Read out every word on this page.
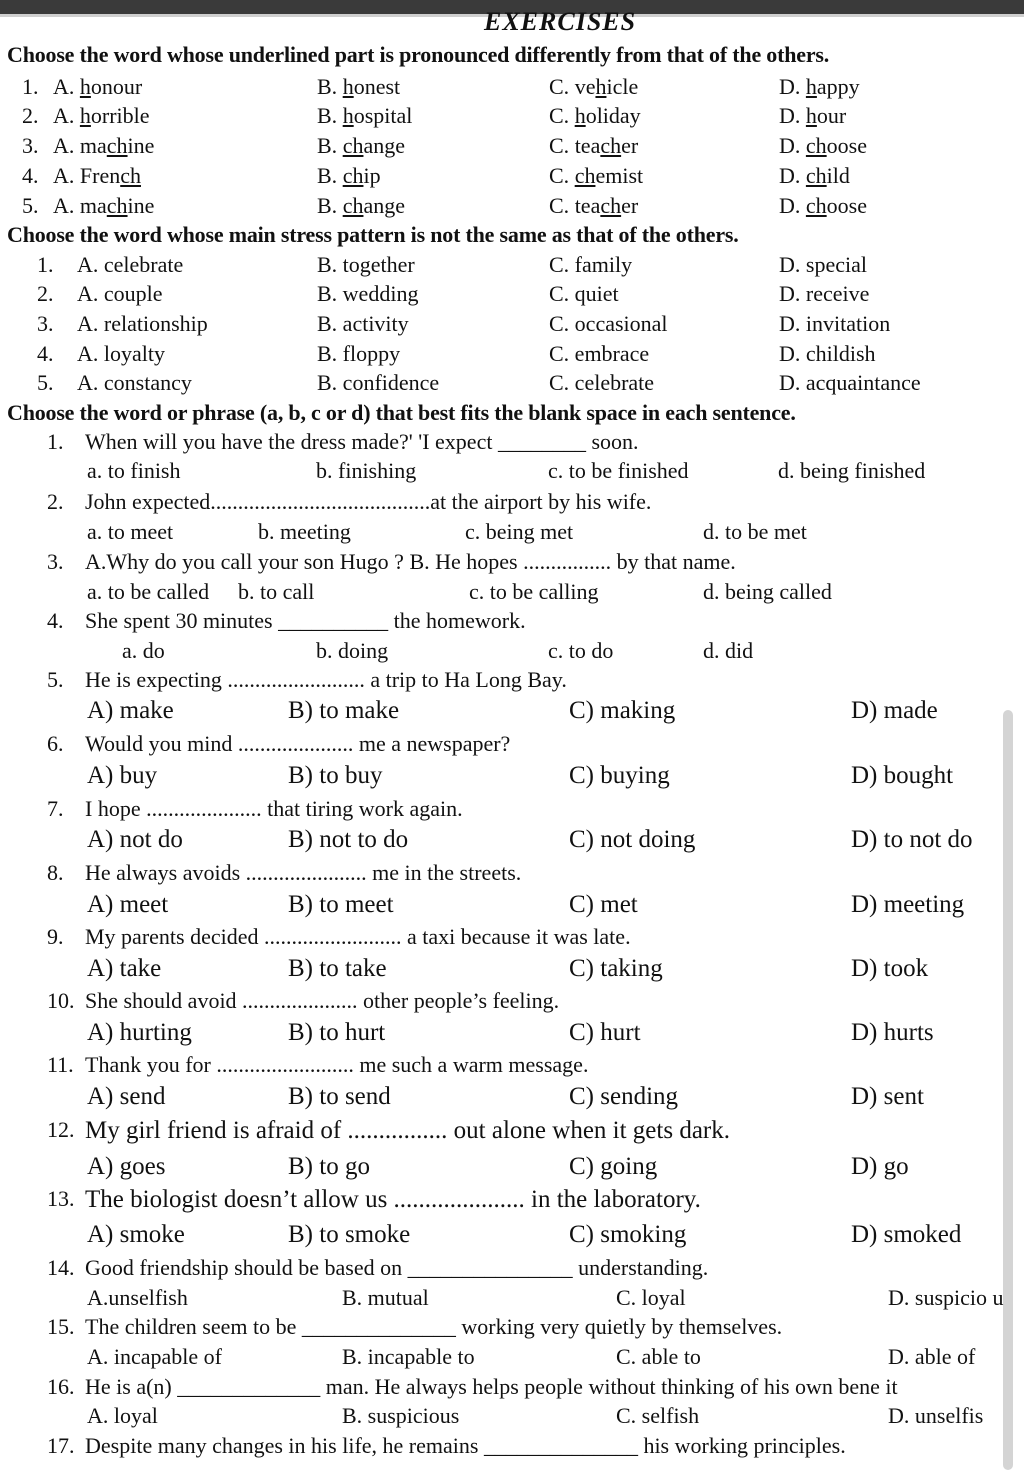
EXERCISES
Choose the word whose underlined part is pronounced differently from that of the others.
1. A. honour	B. honest	C. vehicle	D. happy
2. A. horrible	B. hospital	C. holiday	D. hour
3. A. machine	B. change	C. teacher	D. choose
4. A. French	B. chip	C. chemist	D. child
5. A. machine	B. change	C. teacher	D. choose
Choose the word whose main stress pattern is not the same as that of the others.
1. A. celebrate	B. together	C. family	D. special
2. A. couple	B. wedding	C. quiet	D. receive
3. A. relationship	B. activity	C. occasional	D. invitation
4. A. loyalty	B. floppy	C. embrace	D. childish
5. A. constancy	B. confidence	C. celebrate	D. acquaintance
Choose the word or phrase (a, b, c or d) that best fits the blank space in each sentence.
1. When will you have the dress made?' 'I expect ________ soon.
a. to finish	b. finishing	c. to be finished	d. being finished
2. John expected........................................at the airport by his wife.
a. to meet	b. meeting	c. being met	d. to be met
3. A.Why do you call your son Hugo ? B. He hopes ................ by that name.
a. to be called b. to call	c. to be calling	d. being called
4. She spent 30 minutes __________ the homework.
a. do	b. doing	c. to do	d. did
5. He is expecting ......................... a trip to Ha Long Bay.
A) make	B) to make	C) making	D) made
6. Would you mind ..................... me a newspaper?
A) buy	B) to buy	C) buying	D) bought
7. I hope ..................... that tiring work again.
A) not do	B) not to do	C) not doing	D) to not do
8. He always avoids ...................... me in the streets.
A) meet	B) to meet	C) met	D) meeting
9. My parents decided ......................... a taxi because it was late.
A) take	B) to take	C) taking	D) took
10. She should avoid ..................... other people’s feeling.
A) hurting	B) to hurt	C) hurt	D) hurts
11. Thank you for ......................... me such a warm message.
A) send	B) to send	C) sending	D) sent
12. My girl friend is afraid of ................ out alone when it gets dark.
A) goes	B) to go	C) going	D) go
13. The biologist doesn’t allow us ..................... in the laboratory.
A) smoke	B) to smoke	C) smoking	D) smoked
14. Good friendship should be based on _______________ understanding.
A.unselfish	B. mutual	C. loyal	D. suspicio u
15. The children seem to be ______________ working very quietly by themselves.
A. incapable of	B. incapable to	C. able to	D. able of
16. He is a(n) _____________ man. He always helps people without thinking of his own bene it
A. loyal	B. suspicious	C. selfish	D. unselfis
17. Despite many changes in his life, he remains ______________ his working principles.
